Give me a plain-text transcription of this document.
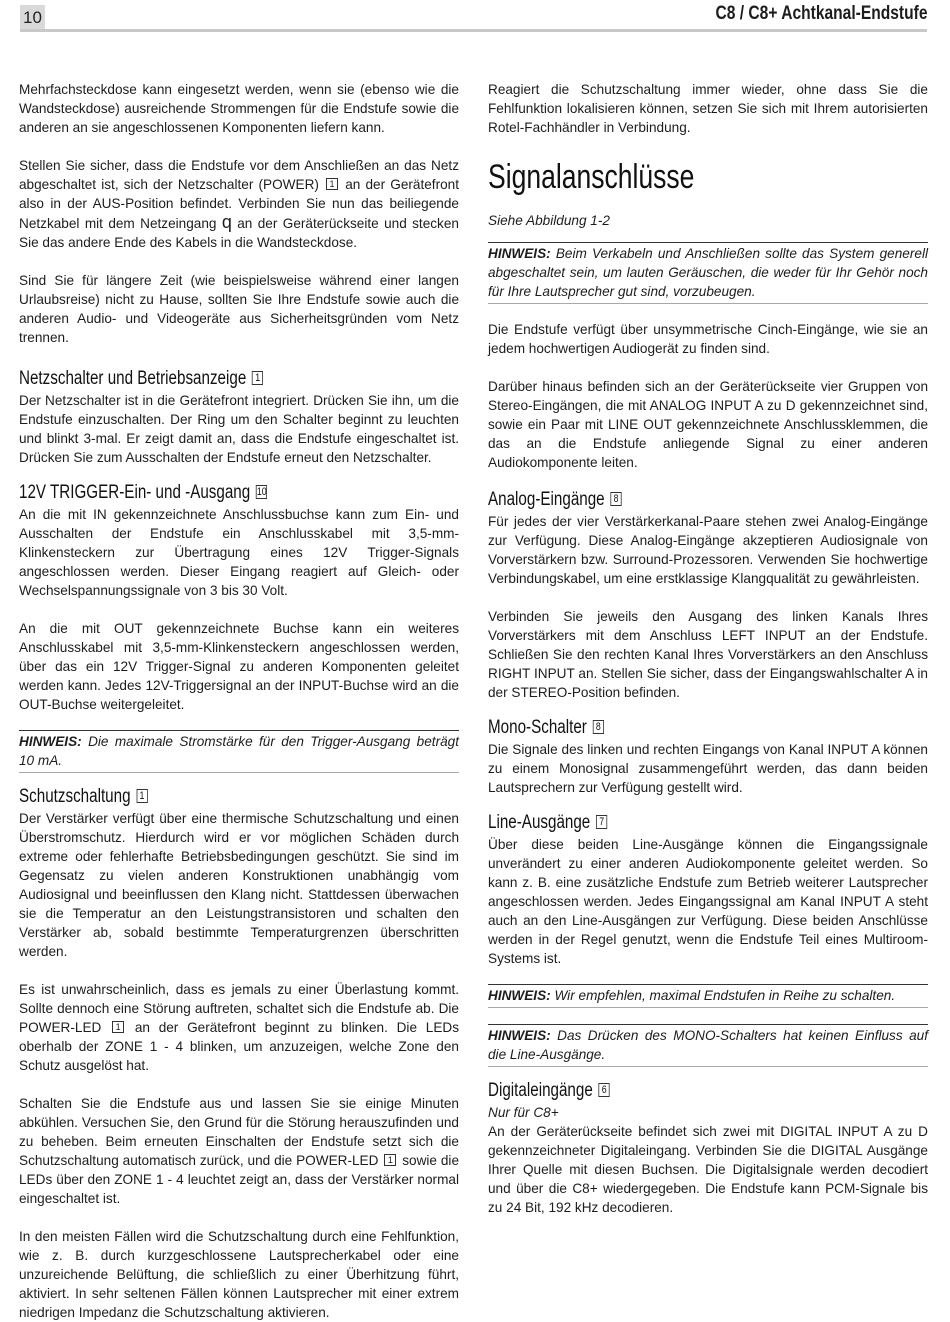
10	C8 / C8+ Achtkanal-Endstufe

Mehrfachsteckdose kann eingesetzt werden, wenn sie (ebenso wie die Wandsteckdose) ausreichende Strommengen für die Endstufe sowie die anderen an sie angeschlossenen Komponenten liefern kann.

Stellen Sie sicher, dass die Endstufe vor dem Anschließen an das Netz abgeschaltet ist, sich der Netzschalter (POWER) 1 an der Gerätefront also in der AUS-Position befindet. Verbinden Sie nun das beiliegende Netzkabel mit dem Netzeingang q an der Geräterückseite und stecken Sie das andere Ende des Kabels in die Wandsteckdose.

Sind Sie für längere Zeit (wie beispielsweise während einer langen Urlaubsreise) nicht zu Hause, sollten Sie Ihre Endstufe sowie auch die anderen Audio- und Videogeräte aus Sicherheitsgründen vom Netz trennen.

Netzschalter und Betriebsanzeige 1

Der Netzschalter ist in die Gerätefront integriert. Drücken Sie ihn, um die Endstufe einzuschalten. Der Ring um den Schalter beginnt zu leuchten und blinkt 3-mal. Er zeigt damit an, dass die Endstufe eingeschaltet ist. Drücken Sie zum Ausschalten der Endstufe erneut den Netzschalter.

12V TRIGGER-Ein- und -Ausgang 10

An die mit IN gekennzeichnete Anschlussbuchse kann zum Ein- und Ausschalten der Endstufe ein Anschlusskabel mit 3,5-mm-Klinkensteckern zur Übertragung eines 12V Trigger-Signals angeschlossen werden. Dieser Eingang reagiert auf Gleich- oder Wechselspannungssignale von 3 bis 30 Volt.

An die mit OUT gekennzeichnete Buchse kann ein weiteres Anschlusskabel mit 3,5-mm-Klinkensteckern angeschlossen werden, über das ein 12V Trigger-Signal zu anderen Komponenten geleitet werden kann. Jedes 12V-Triggersignal an der INPUT-Buchse wird an die OUT-Buchse weitergeleitet.

HINWEIS: Die maximale Stromstärke für den Trigger-Ausgang beträgt 10 mA.

Schutzschaltung 1

Der Verstärker verfügt über eine thermische Schutzschaltung und einen Überstromschutz. Hierdurch wird er vor möglichen Schäden durch extreme oder fehlerhafte Betriebsbedingungen geschützt. Sie sind im Gegensatz zu vielen anderen Konstruktionen unabhängig vom Audiosignal und beeinflussen den Klang nicht. Stattdessen überwachen sie die Temperatur an den Leistungstransistoren und schalten den Verstärker ab, sobald bestimmte Temperaturgrenzen überschritten werden.

Es ist unwahrscheinlich, dass es jemals zu einer Überlastung kommt. Sollte dennoch eine Störung auftreten, schaltet sich die Endstufe ab. Die POWER-LED 1 an der Gerätefront beginnt zu blinken. Die LEDs oberhalb der ZONE 1 - 4 blinken, um anzuzeigen, welche Zone den Schutz ausgelöst hat.

Schalten Sie die Endstufe aus und lassen Sie sie einige Minuten abkühlen. Versuchen Sie, den Grund für die Störung herauszufinden und zu beheben. Beim erneuten Einschalten der Endstufe setzt sich die Schutzschaltung automatisch zurück, und die POWER-LED 1 sowie die LEDs über den ZONE 1 - 4 leuchtet zeigt an, dass der Verstärker normal eingeschaltet ist.

In den meisten Fällen wird die Schutzschaltung durch eine Fehlfunktion, wie z. B. durch kurzgeschlossene Lautsprecherkabel oder eine unzureichende Belüftung, die schließlich zu einer Überhitzung führt, aktiviert. In sehr seltenen Fällen können Lautsprecher mit einer extrem niedrigen Impedanz die Schutzschaltung aktivieren.

Reagiert die Schutzschaltung immer wieder, ohne dass Sie die Fehlfunktion lokalisieren können, setzen Sie sich mit Ihrem autorisierten Rotel-Fachhändler in Verbindung.

Signalanschlüsse

Siehe Abbildung 1-2

HINWEIS: Beim Verkabeln und Anschließen sollte das System generell abgeschaltet sein, um lauten Geräuschen, die weder für Ihr Gehör noch für Ihre Lautsprecher gut sind, vorzubeugen.

Die Endstufe verfügt über unsymmetrische Cinch-Eingänge, wie sie an jedem hochwertigen Audiogerät zu finden sind.

Darüber hinaus befinden sich an der Geräterückseite vier Gruppen von Stereo-Eingängen, die mit ANALOG INPUT A zu D gekennzeichnet sind, sowie ein Paar mit LINE OUT gekennzeichnete Anschlussklemmen, die das an die Endstufe anliegende Signal zu einer anderen Audiokomponente leiten.

Analog-Eingänge 8

Für jedes der vier Verstärkerkanal-Paare stehen zwei Analog-Eingänge zur Verfügung. Diese Analog-Eingänge akzeptieren Audiosignale von Vorverstärkern bzw. Surround-Prozessoren. Verwenden Sie hochwertige Verbindungskabel, um eine erstklassige Klangqualität zu gewährleisten.

Verbinden Sie jeweils den Ausgang des linken Kanals Ihres Vorverstärkers mit dem Anschluss LEFT INPUT an der Endstufe. Schließen Sie den rechten Kanal Ihres Vorverstärkers an den Anschluss RIGHT INPUT an. Stellen Sie sicher, dass der Eingangswahlschalter A in der STEREO-Position befinden.

Mono-Schalter 8

Die Signale des linken und rechten Eingangs von Kanal INPUT A können zu einem Monosignal zusammengeführt werden, das dann beiden Lautsprechern zur Verfügung gestellt wird.

Line-Ausgänge 7

Über diese beiden Line-Ausgänge können die Eingangssignale unverändert zu einer anderen Audiokomponente geleitet werden. So kann z. B. eine zusätzliche Endstufe zum Betrieb weiterer Lautsprecher angeschlossen werden. Jedes Eingangssignal am Kanal INPUT A steht auch an den Line-Ausgängen zur Verfügung. Diese beiden Anschlüsse werden in der Regel genutzt, wenn die Endstufe Teil eines Multiroom-Systems ist.

HINWEIS: Wir empfehlen, maximal Endstufen in Reihe zu schalten.

HINWEIS: Das Drücken des MONO-Schalters hat keinen Einfluss auf die Line-Ausgänge.

Digitaleingänge 6

Nur für C8+

An der Geräterückseite befindet sich zwei mit DIGITAL INPUT A zu D gekennzeichneter Digitaleingang. Verbinden Sie die DIGITAL Ausgänge Ihrer Quelle mit diesen Buchsen. Die Digitalsignale werden decodiert und über die C8+ wiedergegeben. Die Endstufe kann PCM-Signale bis zu 24 Bit, 192 kHz decodieren.
